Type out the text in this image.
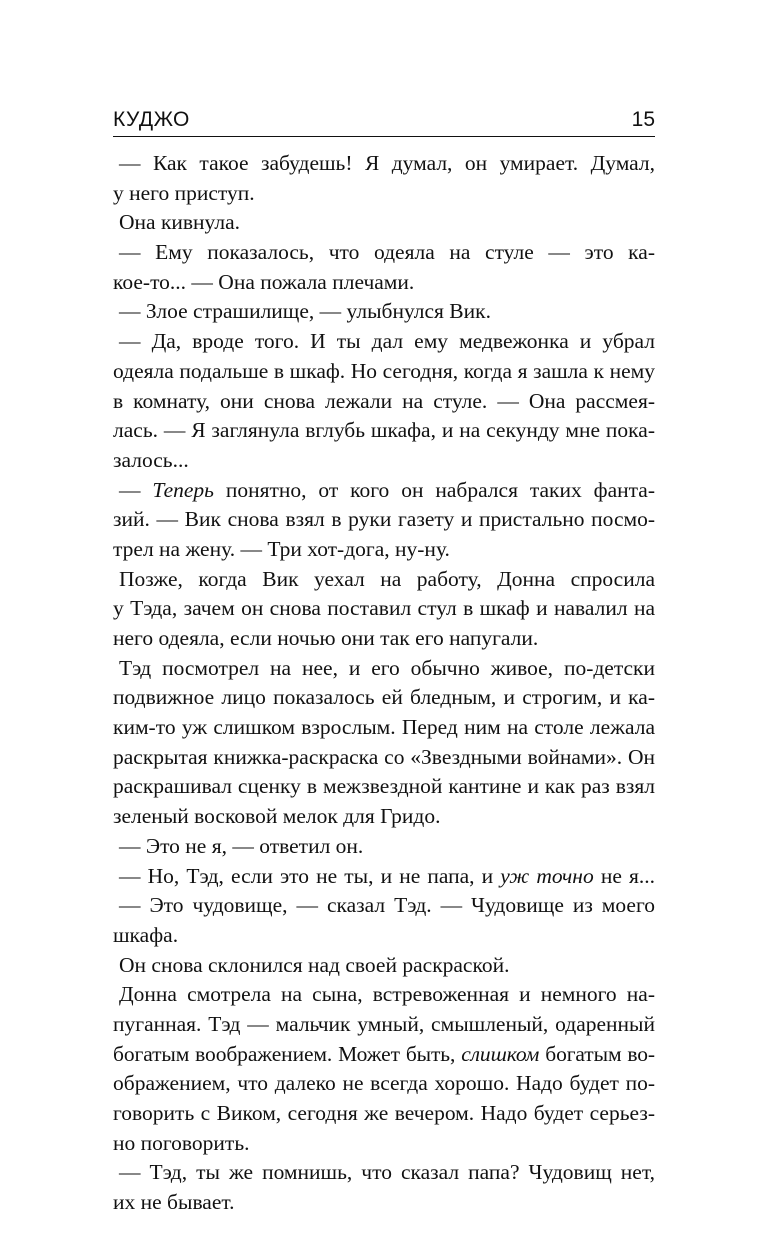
КУДЖО	15
— Как такое забудешь! Я думал, он умирает. Думал,
у него приступ.
Она кивнула.
— Ему показалось, что одеяла на стуле — это ка-
кое-то... — Она пожала плечами.
— Злое страшилище, — улыбнулся Вик.
— Да, вроде того. И ты дал ему медвежонка и убрал
одеяла подальше в шкаф. Но сегодня, когда я зашла к нему
в комнату, они снова лежали на стуле. — Она рассмея-
лась. — Я заглянула вглубь шкафа, и на секунду мне пока-
залось...
— Теперь понятно, от кого он набрался таких фанта-
зий. — Вик снова взял в руки газету и пристально посмо-
трел на жену. — Три хот-дога, ну-ну.
Позже, когда Вик уехал на работу, Донна спросила
у Тэда, зачем он снова поставил стул в шкаф и навалил на
него одеяла, если ночью они так его напугали.
Тэд посмотрел на нее, и его обычно живое, по-детски
подвижное лицо показалось ей бледным, и строгим, и ка-
ким-то уж слишком взрослым. Перед ним на столе лежала
раскрытая книжка-раскраска со «Звездными войнами». Он
раскрашивал сценку в межзвездной кантине и как раз взял
зеленый восковой мелок для Гридо.
— Это не я, — ответил он.
— Но, Тэд, если это не ты, и не папа, и уж точно не я...
— Это чудовище, — сказал Тэд. — Чудовище из моего
шкафа.
Он снова склонился над своей раскраской.
Донна смотрела на сына, встревоженная и немного на-
пуганная. Тэд — мальчик умный, смышленый, одаренный
богатым воображением. Может быть, слишком богатым во-
ображением, что далеко не всегда хорошо. Надо будет по-
говорить с Виком, сегодня же вечером. Надо будет серьез-
но поговорить.
— Тэд, ты же помнишь, что сказал папа? Чудовищ нет,
их не бывает.
